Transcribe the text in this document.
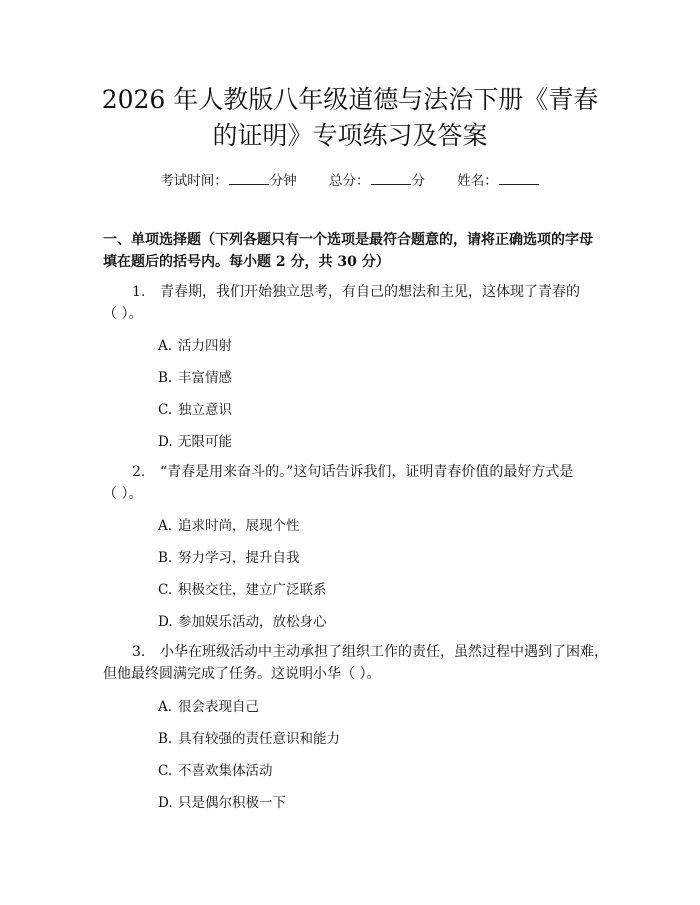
2026 年人教版八年级道德与法治下册《青春
的证明》专项练习及答案
考试时间：	分钟 总分：	分 姓名：

一、单项选择题（下列各题只有一个选项是最符合题意的，请将正确选项的字母

填在题后的括号内。每小题 2 分，共 30 分）

1. 青春期，我们开始独立思考，有自己的想法和主见，这体现了青春的

（ ）。

A. 活力四射

B. 丰富情感

C. 独立意识

D. 无限可能

2. “青春是用来奋斗的。”这句话告诉我们，证明青春价值的最好方式是

（ ）。

A. 追求时尚，展现个性

B. 努力学习，提升自我

C. 积极交往，建立广泛联系

D. 参加娱乐活动，放松身心

3. 小华在班级活动中主动承担了组织工作的责任，虽然过程中遇到了困难，

但他最终圆满完成了任务。这说明小华（ ）。

A. 很会表现自己

B. 具有较强的责任意识和能力

C. 不喜欢集体活动

D. 只是偶尔积极一下
